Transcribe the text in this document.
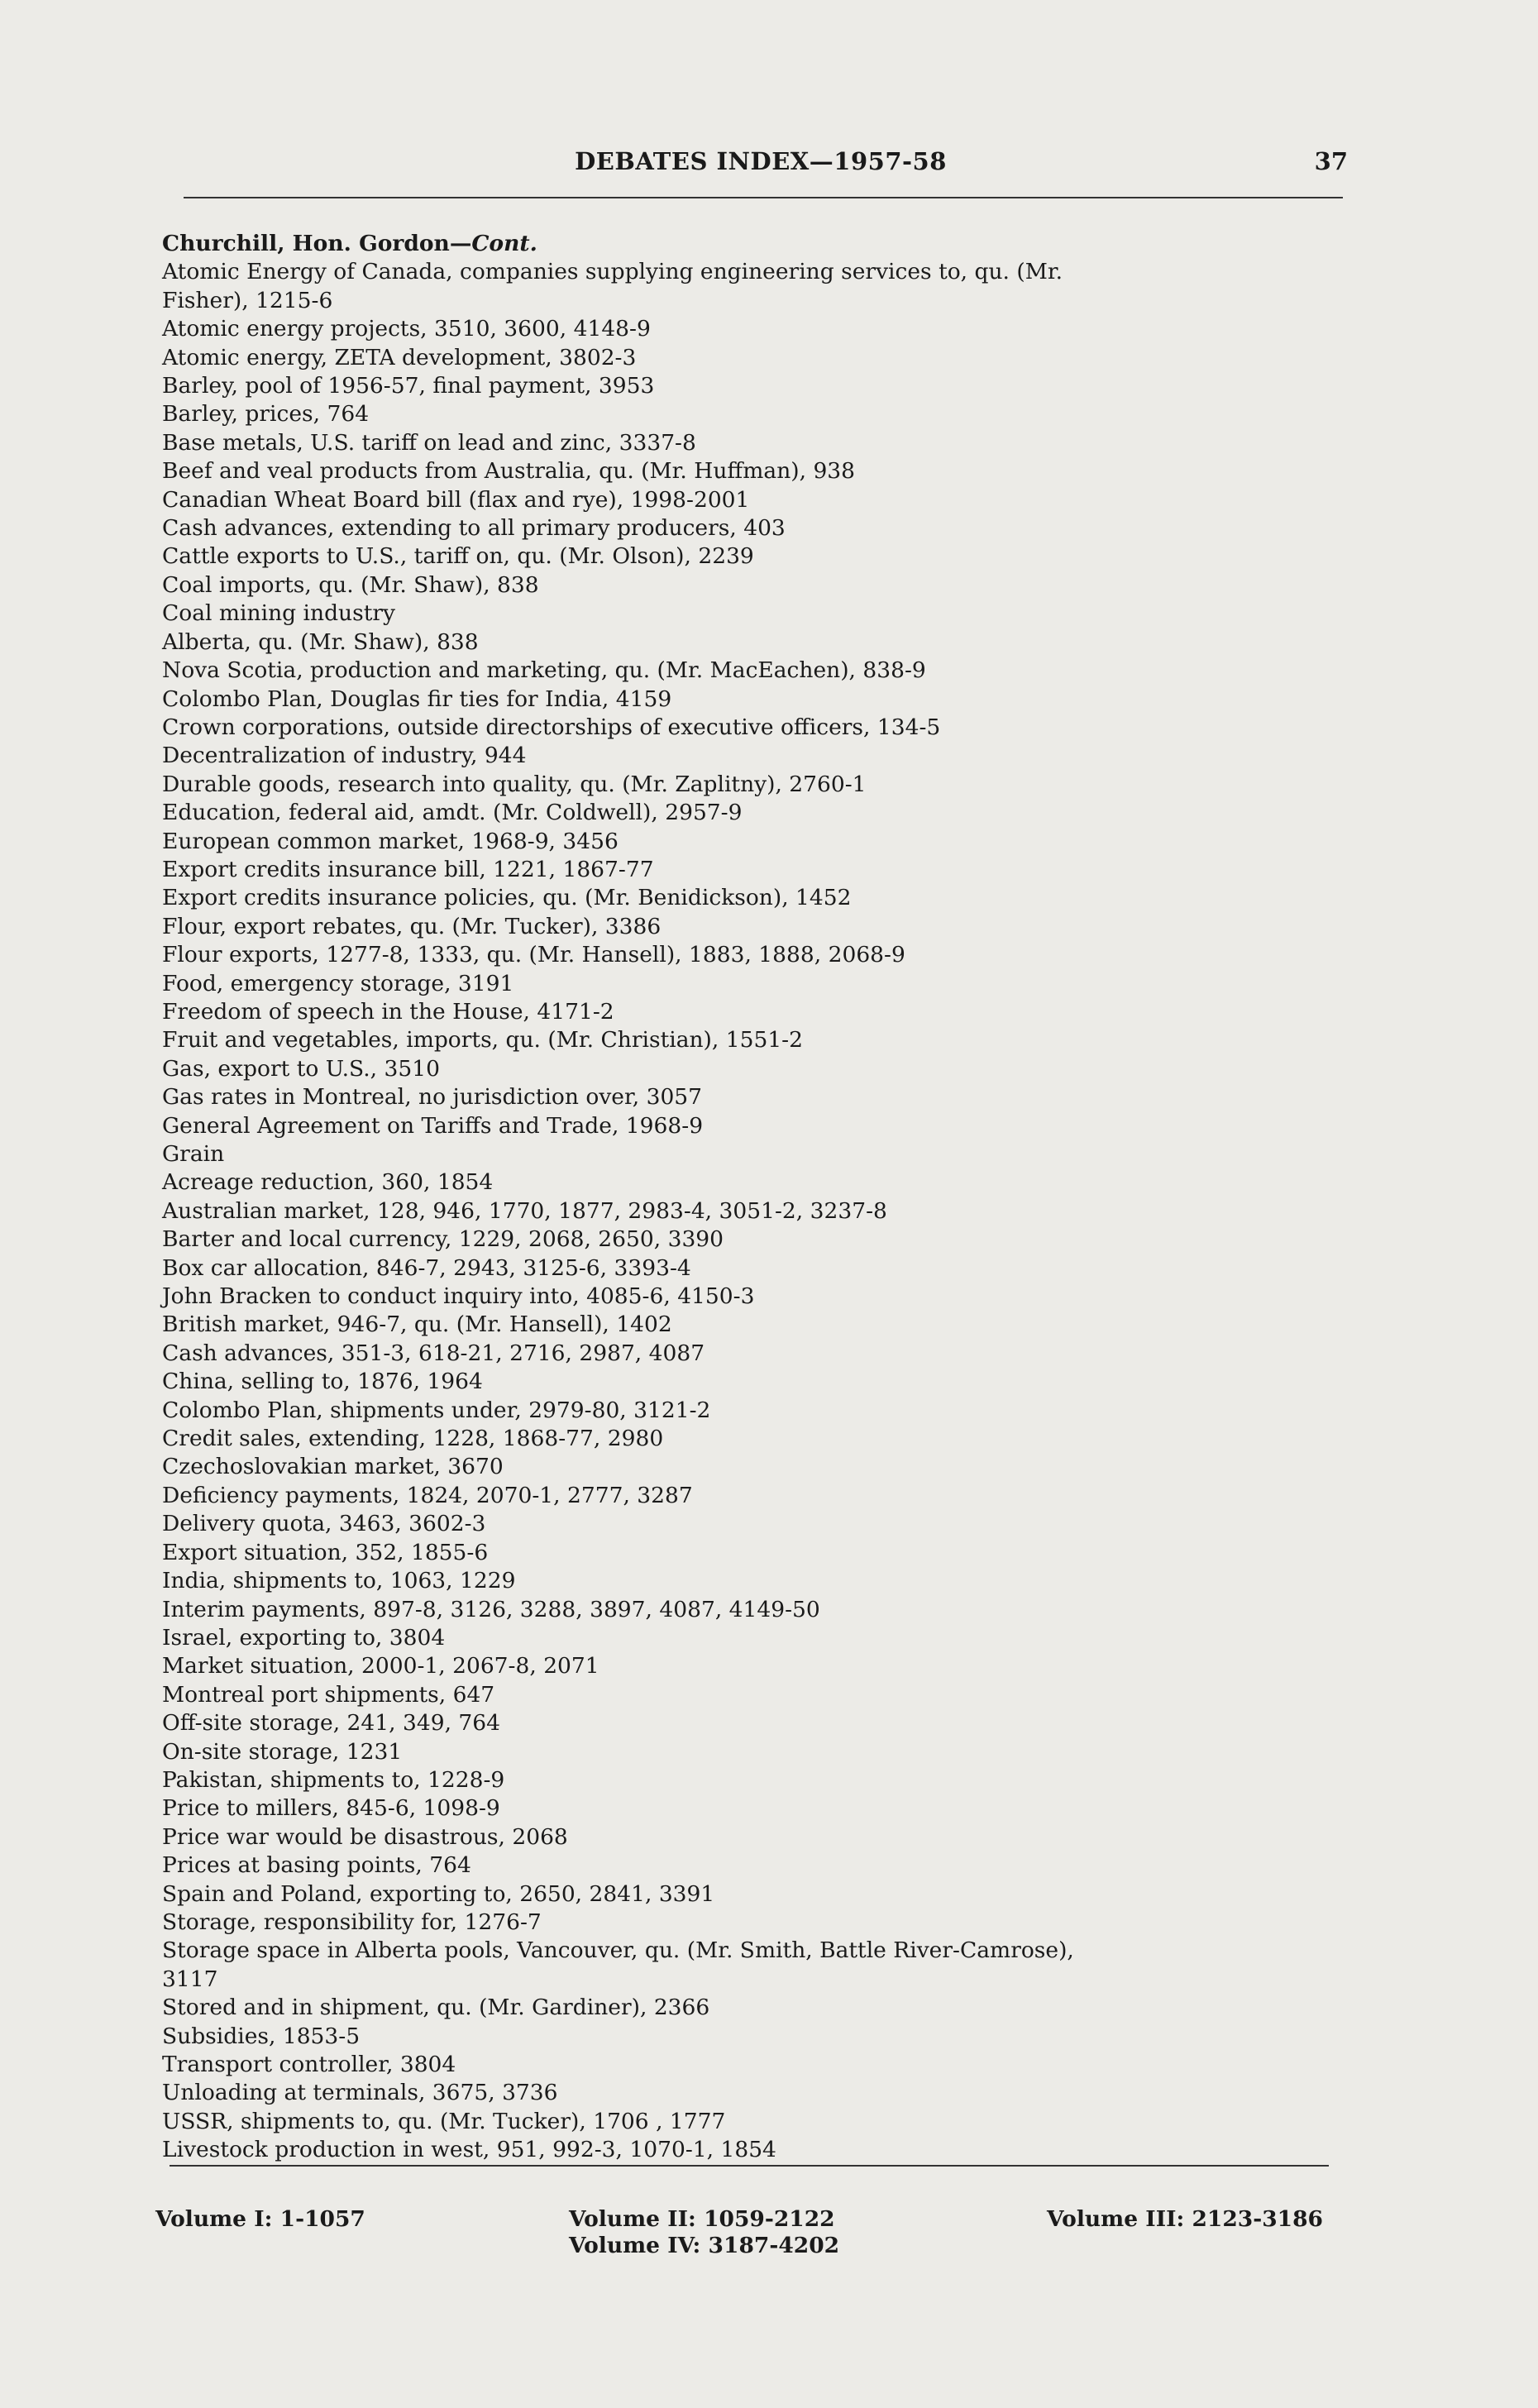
DEBATES INDEX—1957-58	37
Churchill, Hon. Gordon—Cont.
Atomic Energy of Canada, companies supplying engineering services to, qu. (Mr.
Fisher), 1215-6
Atomic energy projects, 3510, 3600, 4148-9
Atomic energy, ZETA development, 3802-3
Barley, pool of 1956-57, final payment, 3953
Barley, prices, 764
Base metals, U.S. tariff on lead and zinc, 3337-8
Beef and veal products from Australia, qu. (Mr. Huffman), 938
Canadian Wheat Board bill (flax and rye), 1998-2001
Cash advances, extending to all primary producers, 403
Cattle exports to U.S., tariff on, qu. (Mr. Olson), 2239
Coal imports, qu. (Mr. Shaw), 838
Coal mining industry
Alberta, qu. (Mr. Shaw), 838
Nova Scotia, production and marketing, qu. (Mr. MacEachen), 838-9
Colombo Plan, Douglas fir ties for India, 4159
Crown corporations, outside directorships of executive officers, 134-5
Decentralization of industry, 944
Durable goods, research into quality, qu. (Mr. Zaplitny), 2760-1
Education, federal aid, amdt. (Mr. Coldwell), 2957-9
European common market, 1968-9, 3456
Export credits insurance bill, 1221, 1867-77
Export credits insurance policies, qu. (Mr. Benidickson), 1452
Flour, export rebates, qu. (Mr. Tucker), 3386
Flour exports, 1277-8, 1333, qu. (Mr. Hansell), 1883, 1888, 2068-9
Food, emergency storage, 3191
Freedom of speech in the House, 4171-2
Fruit and vegetables, imports, qu. (Mr. Christian), 1551-2
Gas, export to U.S., 3510
Gas rates in Montreal, no jurisdiction over, 3057
General Agreement on Tariffs and Trade, 1968-9
Grain
Acreage reduction, 360, 1854
Australian market, 128, 946, 1770, 1877, 2983-4, 3051-2, 3237-8
Barter and local currency, 1229, 2068, 2650, 3390
Box car allocation, 846-7, 2943, 3125-6, 3393-4
John Bracken to conduct inquiry into, 4085-6, 4150-3
British market, 946-7, qu. (Mr. Hansell), 1402
Cash advances, 351-3, 618-21, 2716, 2987, 4087
China, selling to, 1876, 1964
Colombo Plan, shipments under, 2979-80, 3121-2
Credit sales, extending, 1228, 1868-77, 2980
Czechoslovakian market, 3670
Deficiency payments, 1824, 2070-1, 2777, 3287
Delivery quota, 3463, 3602-3
Export situation, 352, 1855-6
India, shipments to, 1063, 1229
Interim payments, 897-8, 3126, 3288, 3897, 4087, 4149-50
Israel, exporting to, 3804
Market situation, 2000-1, 2067-8, 2071
Montreal port shipments, 647
Off-site storage, 241, 349, 764
On-site storage, 1231
Pakistan, shipments to, 1228-9
Price to millers, 845-6, 1098-9
Price war would be disastrous, 2068
Prices at basing points, 764
Spain and Poland, exporting to, 2650, 2841, 3391
Storage, responsibility for, 1276-7
Storage space in Alberta pools, Vancouver, qu. (Mr. Smith, Battle River-Camrose),
3117
Stored and in shipment, qu. (Mr. Gardiner), 2366
Subsidies, 1853-5
Transport controller, 3804
Unloading at terminals, 3675, 3736
USSR, shipments to, qu. (Mr. Tucker), 1706 , 1777
Livestock production in west, 951, 992-3, 1070-1, 1854
Volume I: 1-1057	Volume II: 1059-2122
Volume IV: 3187-4202
Volume III: 2123-3186
